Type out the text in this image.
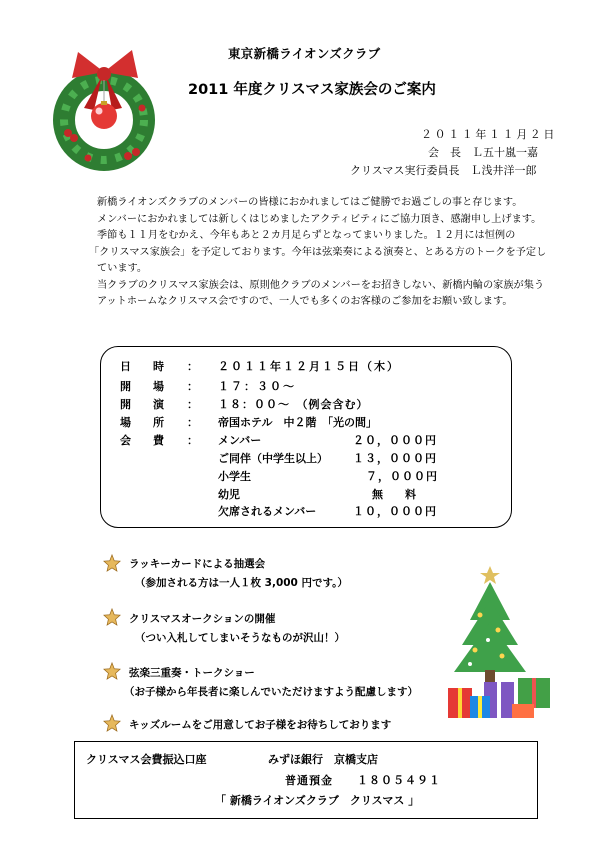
東京新橋ライオンズクラブ
2011 年度クリスマス家族会のご案内
２０１１年１１月２日
会　長　Ｌ五十嵐一嘉
クリスマス実行委員長　Ｌ浅井洋一郎

新橋ライオンズクラブのメンバーの皆様におかれましてはご健勝でお過ごしの事と存じます。

メンバーにおかれましては新しくはじめましたアクティビティにご協力頂き、感謝申し上げます。

季節も１１月をむかえ、今年もあと２カ月足らずとなってまいりました。１２月には恒例の

「クリスマス家族会」を予定しております。今年は弦楽奏による演奏と、とある方のトークを予定し

ています。

当クラブのクリスマス家族会は、原則他クラブのメンバーをお招きしない、新橋内輪の家族が集う

アットホームなクリスマス会ですので、一人でも多くのお客様のご参加をお願い致します。

日　　時 ： ２０１１年１２月１５日（木）
開　　場 ： １７：３０～
開　　演 ： １８：００～　（例会含む）
場　　所 ： 帝国ホテル　中２階　「光の間」
会　　費 ： メンバー	２０，０００円
ご同伴（中学生以上） １３，０００円
小学生	７，０００円
幼児	無　　料
欠席されるメンバー	１０，０００円
ラッキーカードによる抽選会
（参加される方は一人１枚 3,000 円です。）
クリスマスオークションの開催
（つい入札してしまいそうなものが沢山！）
弦楽三重奏・トークショー
（お子様から年長者に楽しんでいただけますよう配慮します）
キッズルームをご用意してお子様をお待ちしております
クリスマス会費振込口座	みずほ銀行　京橋支店
普通預金　　１８０５４９１
「 新橋ライオンズクラブ　クリスマス 」
